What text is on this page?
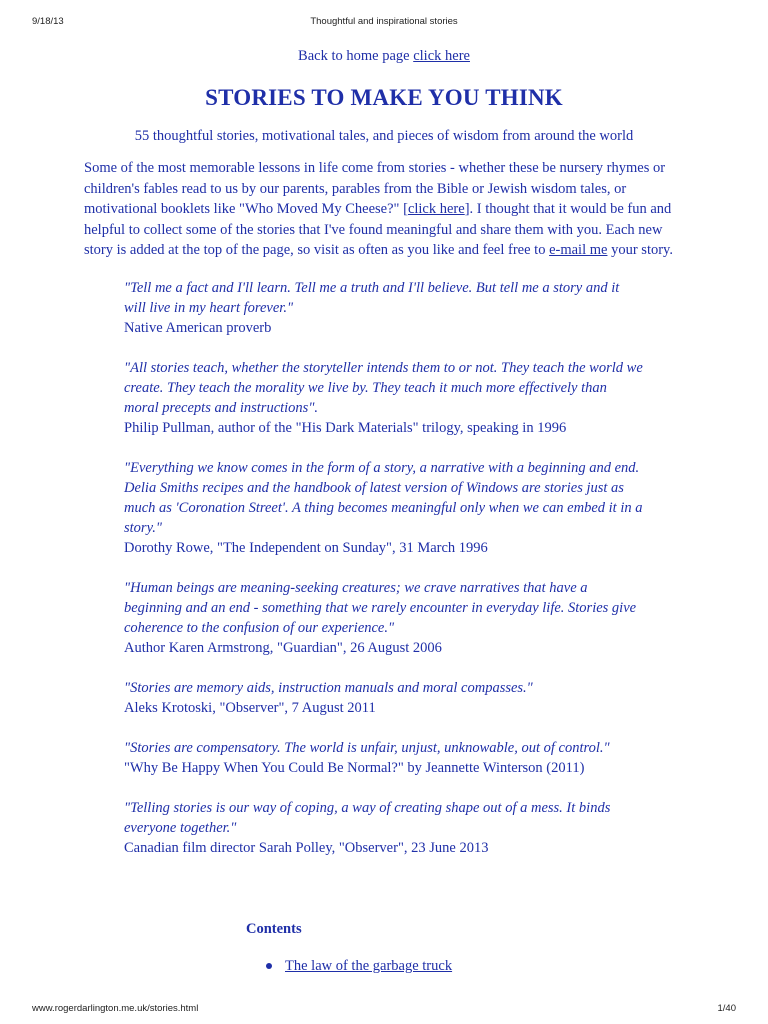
9/18/13	Thoughtful and inspirational stories

Back to home page click here

STORIES TO MAKE YOU THINK

55 thoughtful stories, motivational tales, and pieces of wisdom from around the world

Some of the most memorable lessons in life come from stories - whether these be nursery rhymes or children's fables read to us by our parents, parables from the Bible or Jewish wisdom tales, or motivational booklets like "Who Moved My Cheese?" [click here]. I thought that it would be fun and helpful to collect some of the stories that I've found meaningful and share them with you. Each new story is added at the top of the page, so visit as often as you like and feel free to e-mail me your story.

"Tell me a fact and I'll learn. Tell me a truth and I'll believe. But tell me a story and it will live in my heart forever."
Native American proverb
"All stories teach, whether the storyteller intends them to or not. They teach the world we create. They teach the morality we live by. They teach it much more effectively than moral precepts and instructions".
Philip Pullman, author of the "His Dark Materials" trilogy, speaking in 1996
"Everything we know comes in the form of a story, a narrative with a beginning and end. Delia Smiths recipes and the handbook of latest version of Windows are stories just as much as 'Coronation Street'. A thing becomes meaningful only when we can embed it in a story."
Dorothy Rowe, "The Independent on Sunday", 31 March 1996
"Human beings are meaning-seeking creatures; we crave narratives that have a beginning and an end - something that we rarely encounter in everyday life. Stories give coherence to the confusion of our experience."
Author Karen Armstrong, "Guardian", 26 August 2006
"Stories are memory aids, instruction manuals and moral compasses."
Aleks Krotoski, "Observer", 7 August 2011
"Stories are compensatory. The world is unfair, unjust, unknowable, out of control."
"Why Be Happy When You Could Be Normal?" by Jeannette Winterson (2011)
"Telling stories is our way of coping, a way of creating shape out of a mess. It binds everyone together."
Canadian film director Sarah Polley, "Observer", 23 June 2013
Contents
The law of the garbage truck
www.rogerdarlington.me.uk/stories.html	1/40
